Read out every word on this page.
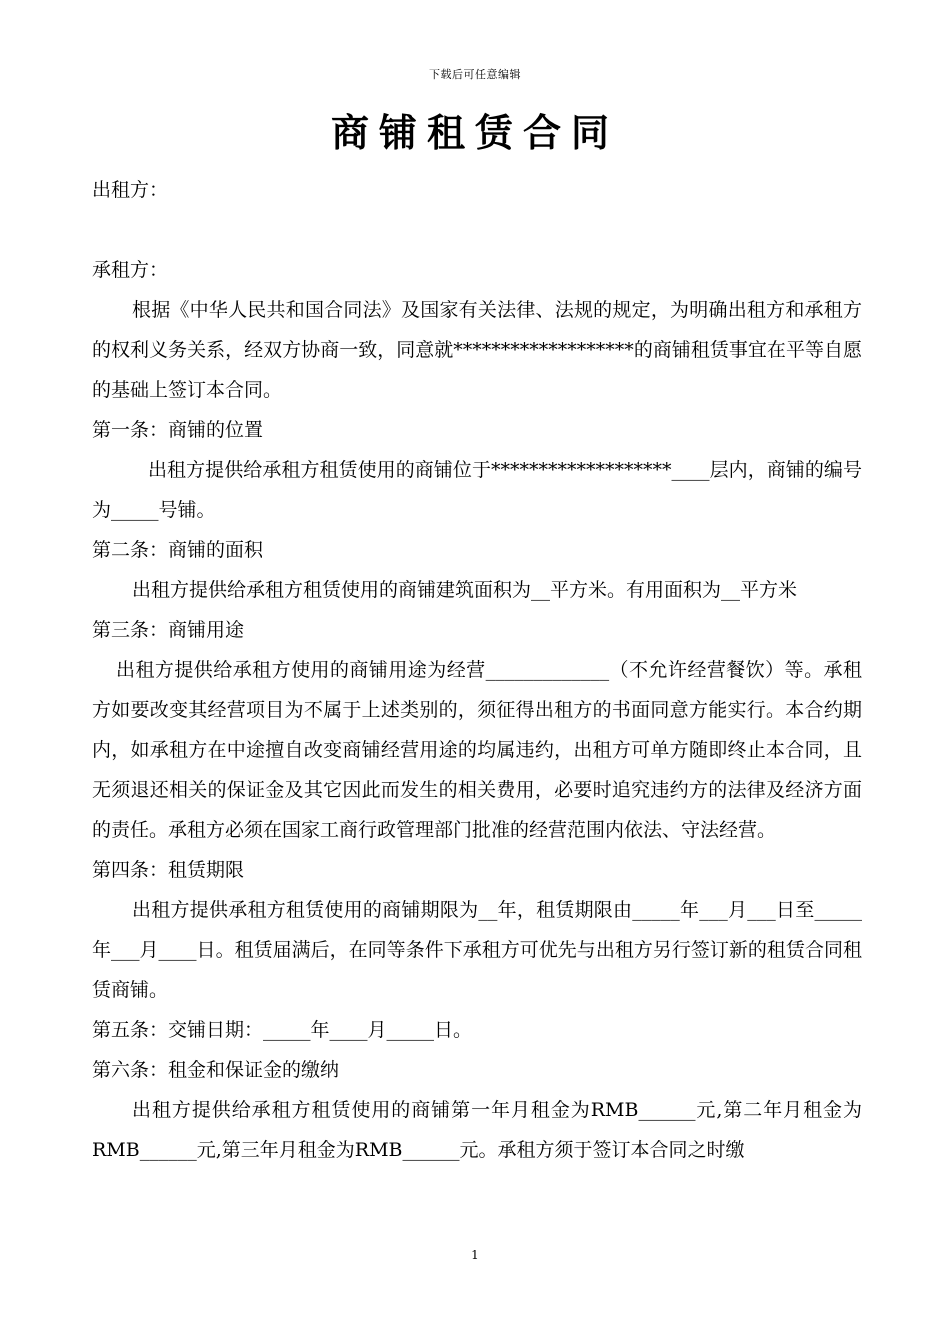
下载后可任意编辑
商铺租赁合同
出租方：
承租方：
根据《中华人民共和国合同法》及国家有关法律、法规的规定，为明确出租方和承租方的权利义务关系，经双方协商一致，同意就*******************的商铺租赁事宜在平等自愿的基础上签订本合同。
第一条：商铺的位置
出租方提供给承租方租赁使用的商铺位于*******************____层内，商铺的编号为_____号铺。
第二条：商铺的面积
出租方提供给承租方租赁使用的商铺建筑面积为__平方米。有用面积为__平方米
第三条：商铺用途
出租方提供给承租方使用的商铺用途为经营_____________（不允许经营餐饮）等。承租方如要改变其经营项目为不属于上述类别的，须征得出租方的书面同意方能实行。本合约期内，如承租方在中途擅自改变商铺经营用途的均属违约，出租方可单方随即终止本合同，且无须退还相关的保证金及其它因此而发生的相关费用，必要时追究违约方的法律及经济方面的责任。承租方必须在国家工商行政管理部门批准的经营范围内依法、守法经营。
第四条：租赁期限
出租方提供承租方租赁使用的商铺期限为__年，租赁期限由_____年___月___日至_____年___月____日。租赁届满后，在同等条件下承租方可优先与出租方另行签订新的租赁合同租赁商铺。
第五条：交铺日期：_____年____月_____日。
第六条：租金和保证金的缴纳
出租方提供给承租方租赁使用的商铺第一年月租金为RMB______元,第二年月租金为RMB______元,第三年月租金为RMB______元。承租方须于签订本合同之时缴
1
